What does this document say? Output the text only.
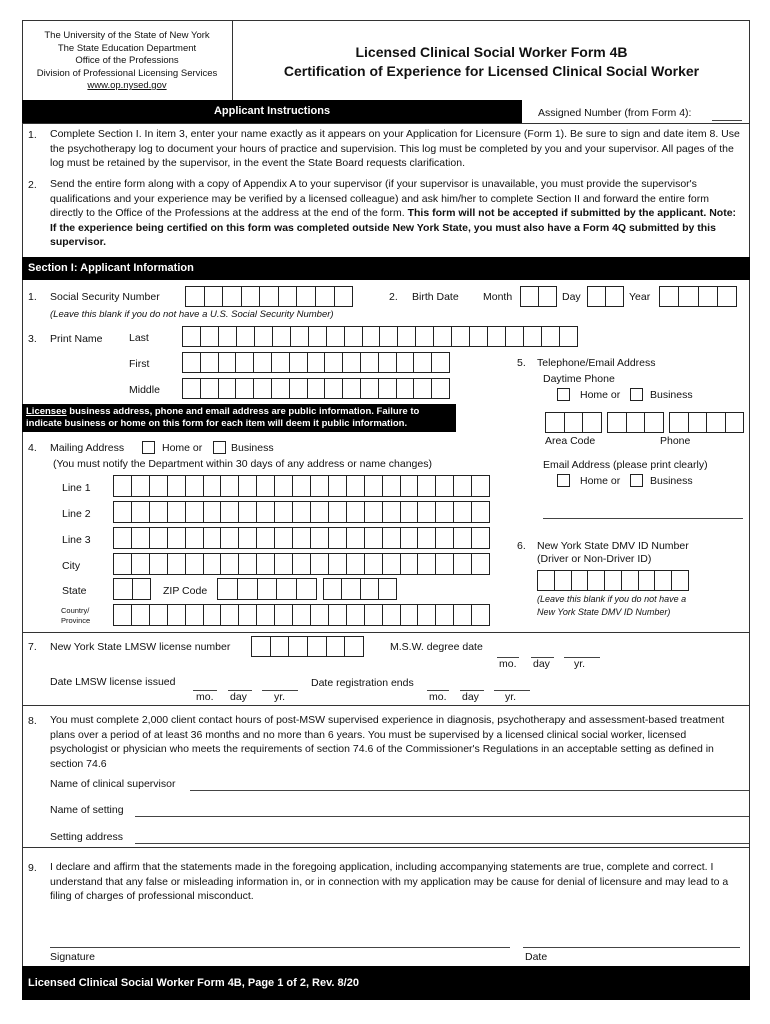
The University of the State of New York
The State Education Department
Office of the Professions
Division of Professional Licensing Services
www.op.nysed.gov
Licensed Clinical Social Worker Form 4B
Certification of Experience for Licensed Clinical Social Worker
Applicant Instructions	Assigned Number (from Form 4):
1. Complete Section I. In item 3, enter your name exactly as it appears on your Application for Licensure (Form 1). Be sure to sign and date item 8. Use the psychotherapy log to document your hours of practice and supervision. This log must be completed by you and your supervisor. All pages of the log must be retained by the supervisor, in the event the State Board requests clarification.
2. Send the entire form along with a copy of Appendix A to your supervisor (if your supervisor is unavailable, you must provide the supervisor's qualifications and your experience may be verified by a licensed colleague) and ask him/her to complete Section II and forward the entire form directly to the Office of the Professions at the address at the end of the form. This form will not be accepted if submitted by the applicant. Note: If the experience being certified on this form was completed outside New York State, you must also have a Form 4Q submitted by this supervisor.
Section I: Applicant Information
1. Social Security Number
(Leave this blank if you do not have a U.S. Social Security Number)
2. Birth Date Month	Day	Year
3. Print Name	Last
First
Middle
Licensee business address, phone and email address are public information. Failure to indicate business or home on this form for each item will deem it public information.
4. Mailing Address	Home or	Business
(You must notify the Department within 30 days of any address or name changes)
Line 1
Line 2
Line 3
City
State	ZIP Code
Country/
Province
5. Telephone/Email Address
Daytime Phone
Home or	Business
Area Code	Phone
Email Address (please print clearly)
Home or	Business
6. New York State DMV ID Number
(Driver or Non-Driver ID)
(Leave this blank if you do not have a
New York State DMV ID Number)
7. New York State LMSW license number	M.S.W. degree date
mo. day yr.
Date LMSW license issued
mo. day	yr.
Date registration ends
mo. day yr.
8. You must complete 2,000 client contact hours of post-MSW supervised experience in diagnosis, psychotherapy and assessment-based treatment plans over a period of at least 36 months and no more than 6 years. You must be supervised by a licensed clinical social worker, licensed psychologist or physician who meets the requirements of section 74.6 of the Commissioner's Regulations in an acceptable setting as defined in section 74.6
Name of clinical supervisor
Name of setting
Setting address
9. I declare and affirm that the statements made in the foregoing application, including accompanying statements are true, complete and correct. I understand that any false or misleading information in, or in connection with my application may be cause for denial of licensure and may lead to a filing of charges of professional misconduct.
Signature	Date
Licensed Clinical Social Worker Form 4B, Page 1 of 2, Rev. 8/20
